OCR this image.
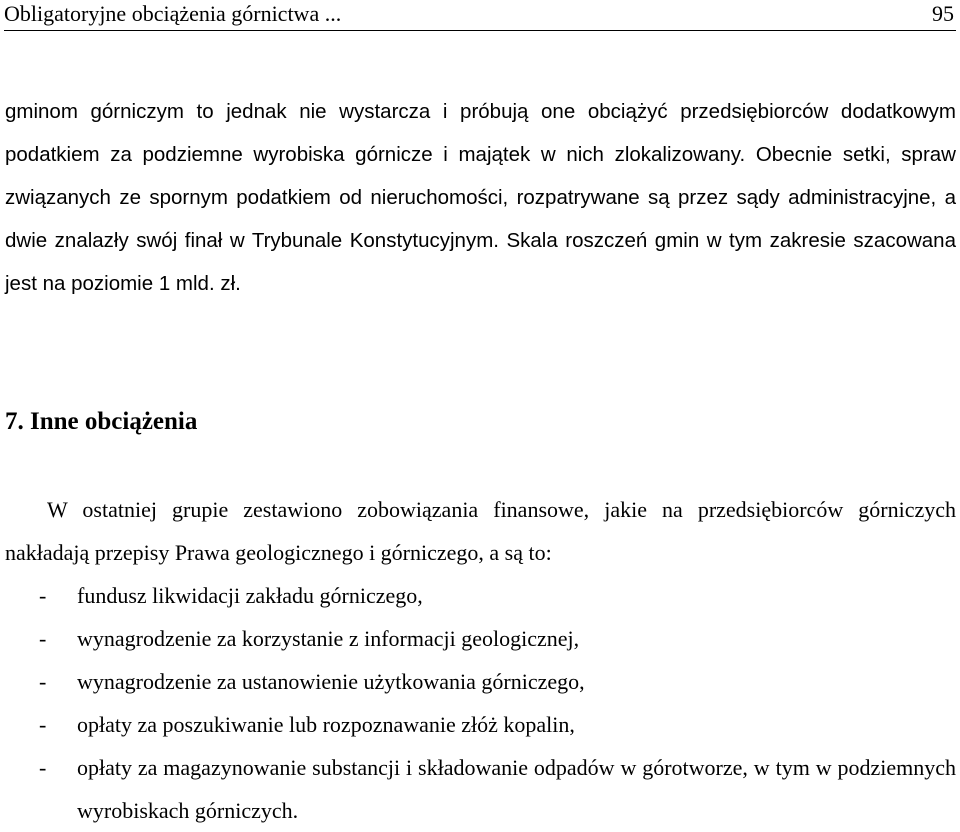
Obligatoryjne obciążenia górnictwa ...	95

gminom górniczym to jednak nie wystarcza i próbują one obciążyć przedsiębiorców dodatkowym podatkiem za podziemne wyrobiska górnicze i majątek w nich zlokalizowany. Obecnie setki, spraw związanych ze spornym podatkiem od nieruchomości, rozpatrywane są przez sądy administracyjne, a dwie znalazły swój finał w Trybunale Konstytucyjnym. Skala roszczeń gmin w tym zakresie szacowana jest na poziomie 1 mld. zł.

7. Inne obciążenia

W ostatniej grupie zestawiono zobowiązania finansowe, jakie na przedsiębiorców górniczych nakładają przepisy Prawa geologicznego i górniczego, a są to:

- fundusz likwidacji zakładu górniczego,
- wynagrodzenie za korzystanie z informacji geologicznej,
- wynagrodzenie za ustanowienie użytkowania górniczego,
- opłaty za poszukiwanie lub rozpoznawanie złóż kopalin,
- opłaty za magazynowanie substancji i składowanie odpadów w górotworze, w tym w podziemnych wyrobiskach górniczych.
